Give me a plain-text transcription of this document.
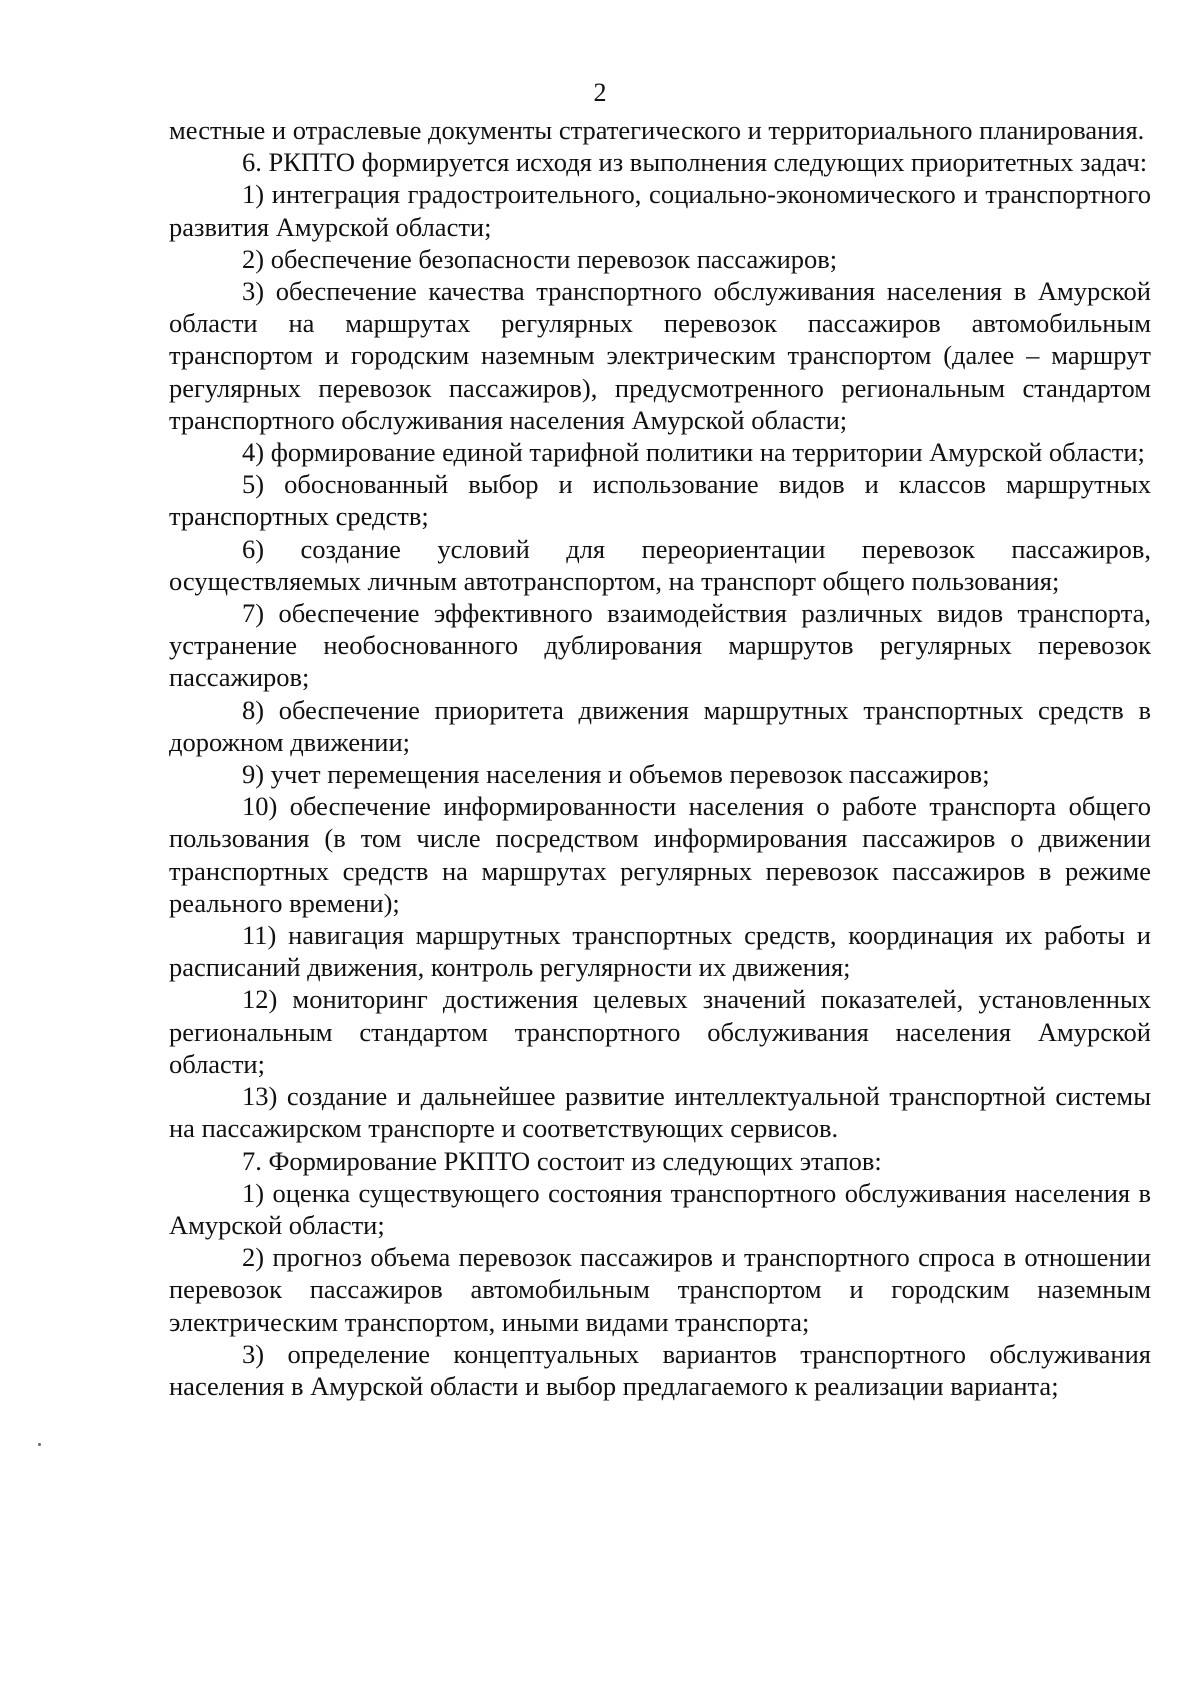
2

местные и отраслевые документы стратегического и территориального планирования.

6. РКПТО формируется исходя из выполнения следующих приоритетных задач:

1) интеграция градостроительного, социально-экономического и транспортного развития Амурской области;

2) обеспечение безопасности перевозок пассажиров;

3) обеспечение качества транспортного обслуживания населения в Амурской области на маршрутах регулярных перевозок пассажиров автомобильным транспортом и городским наземным электрическим транспортом (далее – маршрут регулярных перевозок пассажиров), предусмотренного региональным стандартом транспортного обслуживания населения Амурской области;

4) формирование единой тарифной политики на территории Амурской области;

5) обоснованный выбор и использование видов и классов маршрутных транспортных средств;

6) создание условий для переориентации перевозок пассажиров, осуществляемых личным автотранспортом, на транспорт общего пользования;

7) обеспечение эффективного взаимодействия различных видов транспорта, устранение необоснованного дублирования маршрутов регулярных перевозок пассажиров;

8) обеспечение приоритета движения маршрутных транспортных средств в дорожном движении;

9) учет перемещения населения и объемов перевозок пассажиров;

10) обеспечение информированности населения о работе транспорта общего пользования (в том числе посредством информирования пассажиров о движении транспортных средств на маршрутах регулярных перевозок пассажиров в режиме реального времени);

11) навигация маршрутных транспортных средств, координация их работы и расписаний движения, контроль регулярности их движения;

12) мониторинг достижения целевых значений показателей, установленных региональным стандартом транспортного обслуживания населения Амурской области;

13) создание и дальнейшее развитие интеллектуальной транспортной системы на пассажирском транспорте и соответствующих сервисов.

7. Формирование РКПТО состоит из следующих этапов:

1) оценка существующего состояния транспортного обслуживания населения в Амурской области;

2) прогноз объема перевозок пассажиров и транспортного спроса в отношении перевозок пассажиров автомобильным транспортом и городским наземным электрическим транспортом, иными видами транспорта;

3) определение концептуальных вариантов транспортного обслуживания населения в Амурской области и выбор предлагаемого к реализации варианта;
